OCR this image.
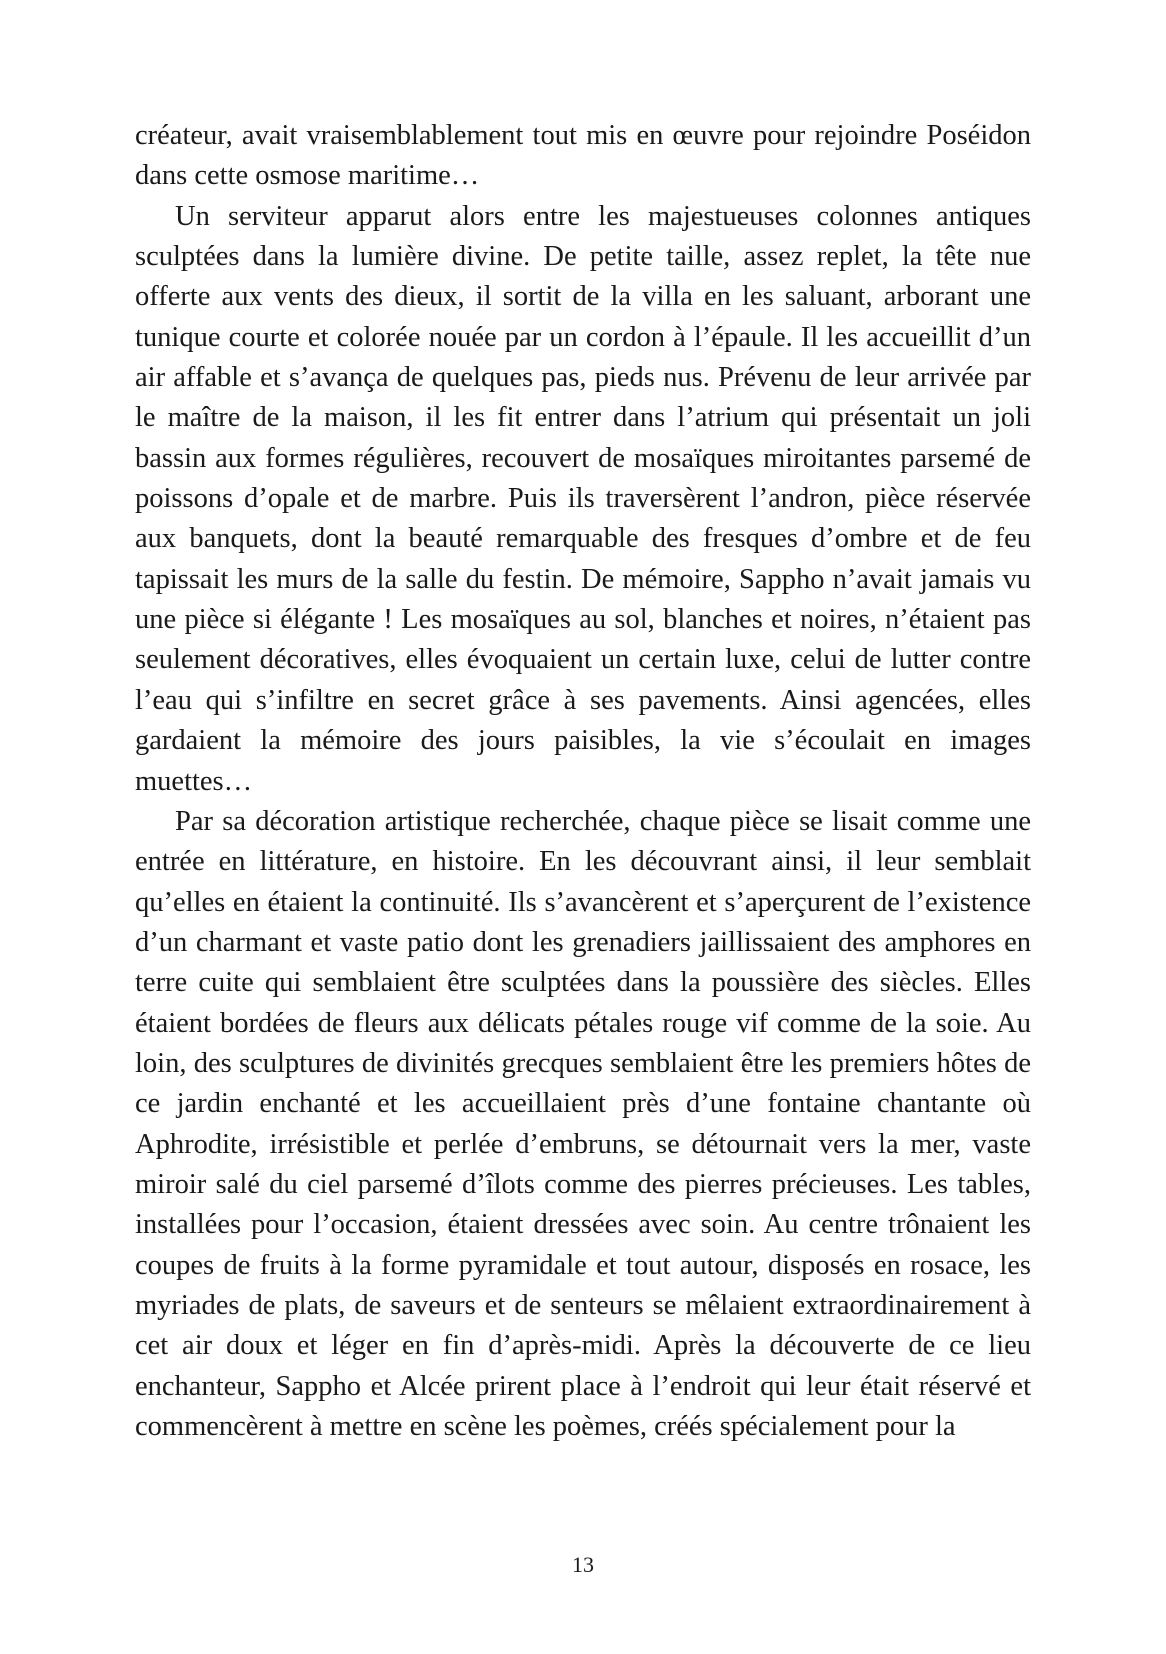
créateur, avait vraisemblablement tout mis en œuvre pour rejoindre Poséidon dans cette osmose maritime…

Un serviteur apparut alors entre les majestueuses colonnes antiques sculptées dans la lumière divine. De petite taille, assez replet, la tête nue offerte aux vents des dieux, il sortit de la villa en les saluant, arborant une tunique courte et colorée nouée par un cordon à l’épaule. Il les accueillit d’un air affable et s’avança de quelques pas, pieds nus. Prévenu de leur arrivée par le maître de la maison, il les fit entrer dans l’atrium qui présentait un joli bassin aux formes régulières, recouvert de mosaïques miroitantes parsemé de poissons d’opale et de marbre. Puis ils traversèrent l’andron, pièce réservée aux banquets, dont la beauté remarquable des fresques d’ombre et de feu tapissait les murs de la salle du festin. De mémoire, Sappho n’avait jamais vu une pièce si élégante ! Les mosaïques au sol, blanches et noires, n’étaient pas seulement décoratives, elles évoquaient un certain luxe, celui de lutter contre l’eau qui s’infiltre en secret grâce à ses pavements. Ainsi agencées, elles gardaient la mémoire des jours paisibles, la vie s’écoulait en images muettes…

Par sa décoration artistique recherchée, chaque pièce se lisait comme une entrée en littérature, en histoire. En les découvrant ainsi, il leur semblait qu’elles en étaient la continuité. Ils s’avancèrent et s’aperçurent de l’existence d’un charmant et vaste patio dont les grenadiers jaillissaient des amphores en terre cuite qui semblaient être sculptées dans la poussière des siècles. Elles étaient bordées de fleurs aux délicats pétales rouge vif comme de la soie. Au loin, des sculptures de divinités grecques semblaient être les premiers hôtes de ce jardin enchanté et les accueillaient près d’une fontaine chantante où Aphrodite, irrésistible et perlée d’embruns, se détournait vers la mer, vaste miroir salé du ciel parsemé d’îlots comme des pierres précieuses. Les tables, installées pour l’occasion, étaient dressées avec soin. Au centre trônaient les coupes de fruits à la forme pyramidale et tout autour, disposés en rosace, les myriades de plats, de saveurs et de senteurs se mêlaient extraordinairement à cet air doux et léger en fin d’après-midi. Après la découverte de ce lieu enchanteur, Sappho et Alcée prirent place à l’endroit qui leur était réservé et commencèrent à mettre en scène les poèmes, créés spécialement pour la

13
